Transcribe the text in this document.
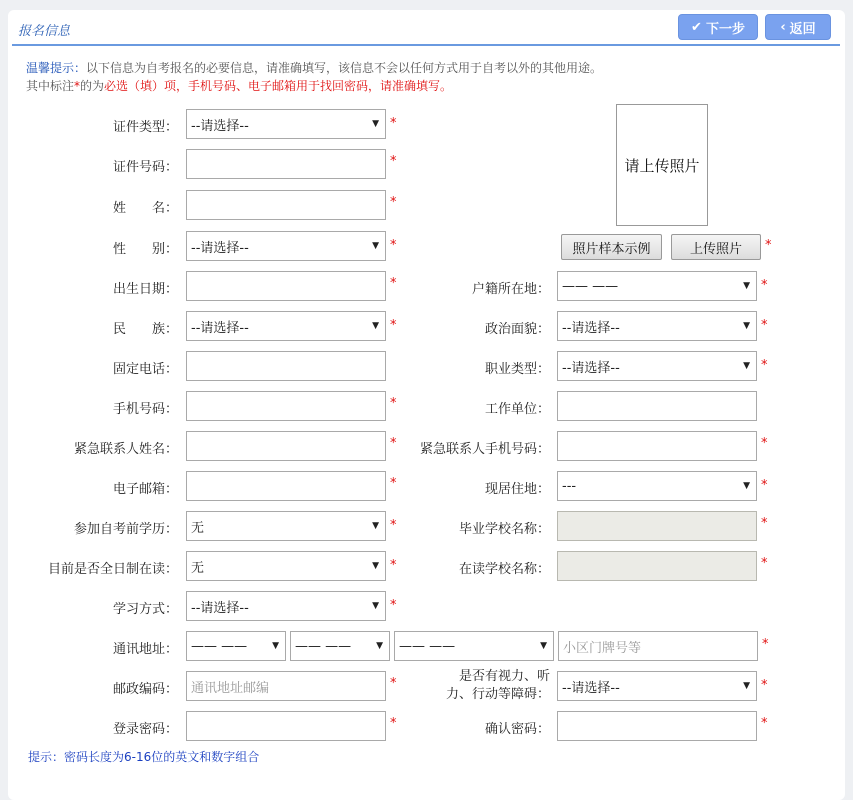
报名信息	✔ 下一步	‹ 返回
温馨提示：以下信息为自考报名的必要信息，请准确填写，该信息不会以任何方式用于自考以外的其他用途。
其中标注*的为必选（填）项，手机号码、电子邮箱用于找回密码，请准确填写。
证件类型： --请选择--	▼ *
证件号码：	*
姓　　名：	*
性　　别： --请选择--	▼ *
出生日期：	*
民　　族： --请选择--	▼ *
固定电话：
手机号码：	*
紧急联系人姓名：	*
电子邮箱：	*
参加自考前学历： 无	▼ *
目前是否全日制在读： 无	▼ *
学习方式： --请选择--	▼ *
通讯地址： —— ——	▼ —— ——	▼ —— ——	▼	小区门牌号等	*
邮政编码：	通讯地址邮编	*
登录密码：	*
请上传照片
照片样本示例	上传照片	*
户籍所在地： —— ——	▼ *
政治面貌： --请选择--	▼ *
职业类型： --请选择--	▼ *
工作单位：
紧急联系人手机号码：	*
现居住地： ---	▼ *
毕业学校名称：	*
在读学校名称：	*
是否有视力、听
力、行动等障碍： --请选择--	▼ *
确认密码：	*
提示：密码长度为6-16位的英文和数字组合
